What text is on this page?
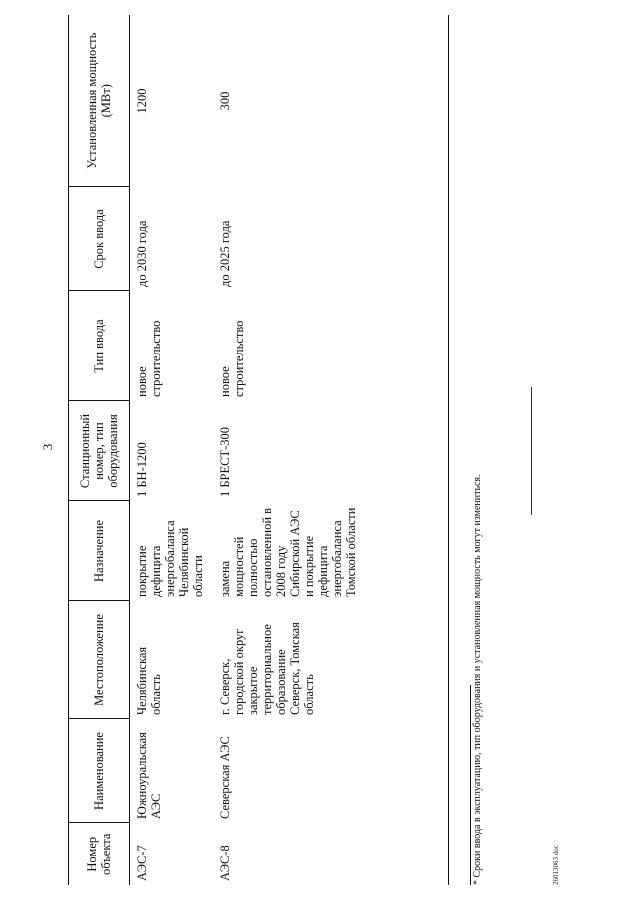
3
Номер объекта	Наименование	Местоположение	Назначение	Станционный номер, тип оборудования	Тип ввода	Срок ввода	Установленная мощность (МВт)
АЭС-7	Южноуральская АЭС	Челябинская область	покрытие дефицита энергобаланса Челябинской области	1 БН-1200	новое строительство	до 2030 года	1200
АЭС-8	Северская АЭС	г. Северск, городской округ закрытое территориальное образование Северск, Томская область	замена мощностей полностью остановленной в 2008 году Сибирской АЭС и покрытие дефицита энергобаланса Томской области	1 БРЕСТ-300	новое строительство	до 2025 года	300
* Сроки ввода в эксплуатацию, тип оборудования и установленная мощность могут измениться.	26013063 doc
